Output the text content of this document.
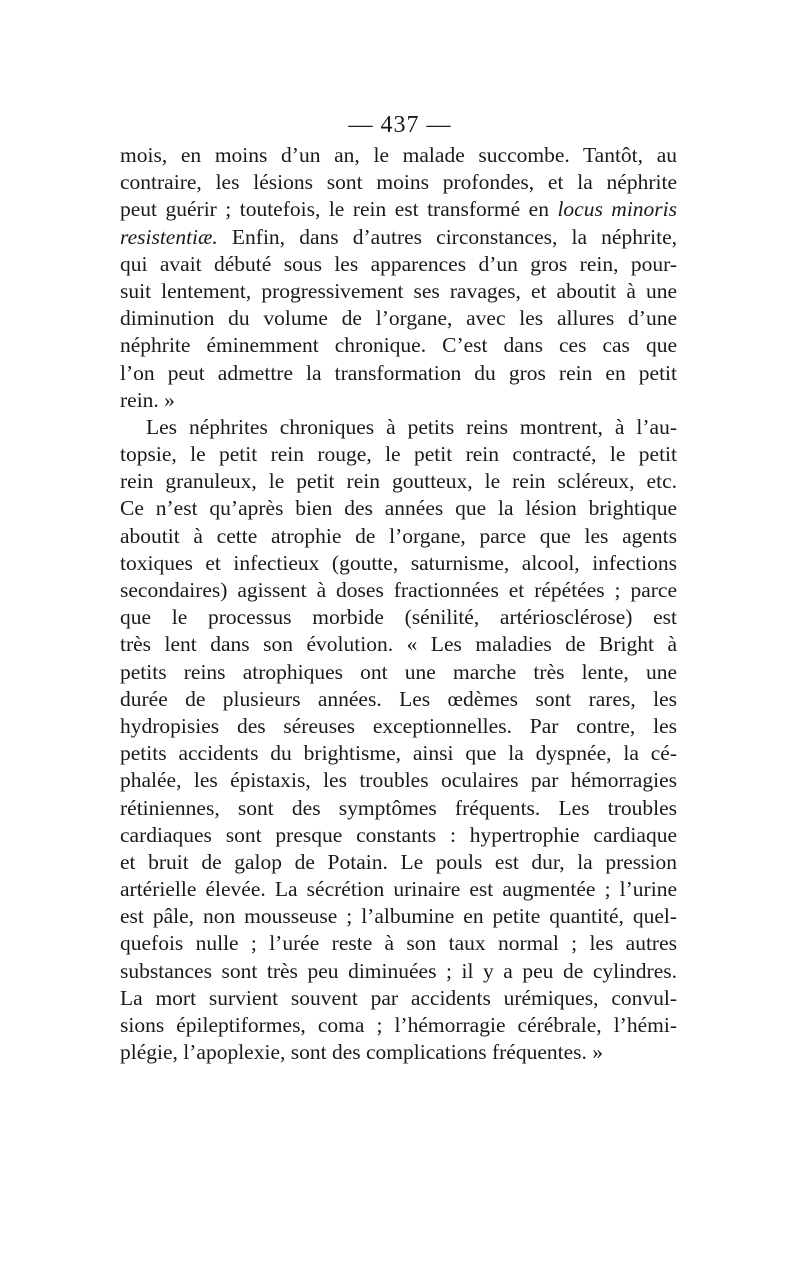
— 437 —
mois, en moins d’un an, le malade succombe. Tantôt, au
contraire, les lésions sont moins profondes, et la néphrite
peut guérir ; toutefois, le rein est transformé en locus minoris
resistentiæ. Enfin, dans d’autres circonstances, la néphrite,
qui avait débuté sous les apparences d’un gros rein, pour-
suit lentement, progressivement ses ravages, et aboutit à une
diminution du volume de l’organe, avec les allures d’une
néphrite éminemment chronique. C’est dans ces cas que
l’on peut admettre la transformation du gros rein en petit
rein. »
Les néphrites chroniques à petits reins montrent, à l’au-
topsie, le petit rein rouge, le petit rein contracté, le petit
rein granuleux, le petit rein goutteux, le rein scléreux, etc.
Ce n’est qu’après bien des années que la lésion brightique
aboutit à cette atrophie de l’organe, parce que les agents
toxiques et infectieux (goutte, saturnisme, alcool, infections
secondaires) agissent à doses fractionnées et répétées ; parce
que le processus morbide (sénilité, artériosclérose) est
très lent dans son évolution. « Les maladies de Bright à
petits reins atrophiques ont une marche très lente, une
durée de plusieurs années. Les œdèmes sont rares, les
hydropisies des séreuses exceptionnelles. Par contre, les
petits accidents du brightisme, ainsi que la dyspnée, la cé-
phalée, les épistaxis, les troubles oculaires par hémorragies
rétiniennes, sont des symptômes fréquents. Les troubles
cardiaques sont presque constants : hypertrophie cardiaque
et bruit de galop de Potain. Le pouls est dur, la pression
artérielle élevée. La sécrétion urinaire est augmentée ; l’urine
est pâle, non mousseuse ; l’albumine en petite quantité, quel-
quefois nulle ; l’urée reste à son taux normal ; les autres
substances sont très peu diminuées ; il y a peu de cylindres.
La mort survient souvent par accidents urémiques, convul-
sions épileptiformes, coma ; l’hémorragie cérébrale, l’hémi-
plégie, l’apoplexie, sont des complications fréquentes. »
